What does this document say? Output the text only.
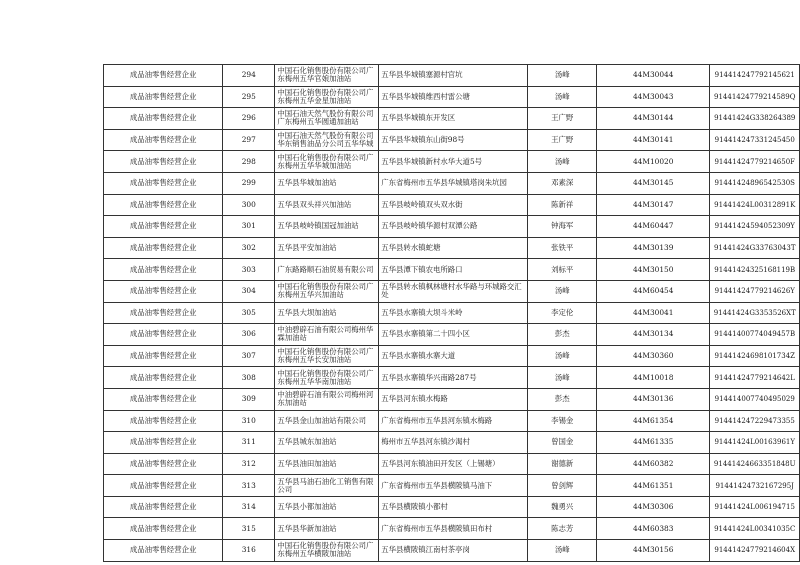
成品油零售经营企业	294	中国石化销售股份有限公司广东梅州五华官娘加油站	五华县华城镇塞源村官坑	汤峰	44M30044	914414247792145621
成品油零售经营企业	295	中国石化销售股份有限公司广东梅州五华金星加油站	五华县华城镇维西村雷公塘	汤峰	44M30043	91441424779214589Q
成品油零售经营企业	296	中国石油天然气股份有限公司广东梅州五华圆通加油站	五华县华城镇东开发区	王广野	44M30144	91441424G338264389
成品油零售经营企业	297	中国石油天然气股份有限公司华东销售油品分公司五华华城	五华县华城镇东山街98号	王广野	44M30141	914414247331245450
成品油零售经营企业	298	中国石化销售股份有限公司广东梅州五华华城加油站	五华县华城镇新村水华大道5号	汤峰	44M10020	91441424779214650F
成品油零售经营企业	299	五华县华城加油站	广东省梅州市五华县华城镇塔岗朱坑园	邓素深	44M30145	91441424896542530S
成品油零售经营企业	300	五华县双头祥兴加油站	五华县岐岭镇双头双水街	陈新祥	44M30147	91441424L00312891K
成品油零售经营企业	301	五华县岐岭镇国冠加油站	五华县岐岭镇华源村双潭公路	钟海军	44M60447	91441424594052309Y
成品油零售经营企业	302	五华县平安加油站	五华县转水镇蛇塘	张铁平	44M30139	91441424G33763043T
成品油零售经营企业	303	广东路路顺石油贸易有限公司	五华县潭下镇农电所路口	刘标平	44M30150	91441424325168119B
成品油零售经营企业	304	中国石化销售股份有限公司广东梅州五华兴加油站	五华县转水镇枫林塘村水华路与环城路交汇处	汤峰	44M60454	91441424779214626Y
成品油零售经营企业	305	五华县大坝加油站	五华县水寨镇大坝斗米岭	李定伦	44M30041	91441424G3353526XT
成品油零售经营企业	306	中油碧辟石油有限公司梅州华霖加油站	五华县水寨镇第二十四小区	彭杰	44M30134	91441400774049457B
成品油零售经营企业	307	中国石化销售股份有限公司广东梅州五华长安加油站	五华县水寨镇水寨大道	汤峰	44M30360	91441424698101734Z
成品油零售经营企业	308	中国石化销售股份有限公司广东梅州五华华南加油站	五华县水寨镇华兴南路287号	汤峰	44M10018	91441424779214642L
成品油零售经营企业	309	中油碧辟石油有限公司梅州河东加油站	五华县河东镇水梅路	彭杰	44M30136	91441400774049502​9
成品油零售经营企业	310	五华县金山加油站有限公司	广东省梅州市五华县河东镇水梅路	李锡金	44M61354	914414247229473355
成品油零售经营企业	311	五华县城东加油站	梅州市五华县河东镇沙渴村	曾国金	44M61335	91441424L00163961Y
成品油零售经营企业	312	五华县油田加油站	五华县河东镇油田开发区（上锡塘）	谢德新	44M60382	91441424663351848U
成品油零售经营企业	313	五华县马油石油化工销售有限公司	广东省梅州市五华县横陂镇马油下	曾剑辉	44M61351	91441424732167295J
成品油零售经营企业	314	五华县小都加油站	五华县横陂镇小都村	魏勇兴	44M30306	91441424L00619471​5
成品油零售经营企业	315	五华县华新加油站	广东省梅州市五华县横陂镇田布村	陈志芳	44M60383	91441424L00341035C
成品油零售经营企业	316	中国石化销售股份有限公司广东梅州五华横陂加油站	五华县横陂镇江南村茶亭岗	汤峰	44M30156	91441424779214604X
